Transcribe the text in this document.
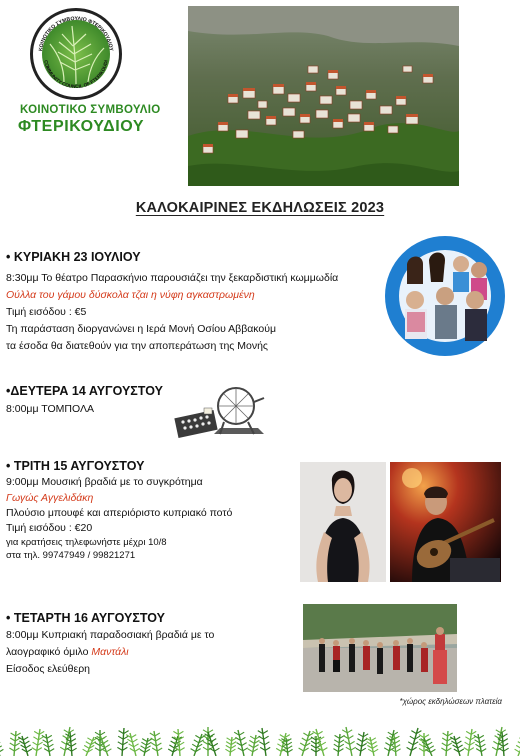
ΚΟΙΝΟΤΙΚΟ ΣΥΜΒΟΥΛΙΟ ΦΤΕΡΙΚΟΥΔΙΟΥ
COMMUNITY COUNCIL OF FTERIKOUDI
ΚΟΙΝΟΤΙΚΟ ΣΥΜΒΟΥΛΙΟ
ΦΤΕΡΙΚΟΥΔΙΟΥ
ΚΑΛΟΚΑΙΡΙΝΕΣ ΕΚΔΗΛΩΣΕΙΣ 2023
• ΚΥΡΙΑΚΗ 23 ΙΟΥΛΙΟΥ
8:30μμ Το θέατρο Παρασκήνιο παρουσιάζει την ξεκαρδιστική κωμμωδία
Ούλλα του γάμου δύσκολα τζαι η νύφη αγκαστρωμένη
Τιμή εισόδου : €5
Τη παράσταση διοργανώνει η Ιερά Μονή Οσίου Αββακούμ
τα έσοδα θα διατεθούν για την αποπεράτωση της Μονής
•ΔΕΥΤΕΡΑ 14 ΑΥΓΟΥΣΤΟΥ
8:00μμ ΤΟΜΠΟΛΑ
• ΤΡΙΤΗ 15 ΑΥΓΟΥΣΤΟΥ
9:00μμ Μουσική βραδιά με το συγκρότημα
Γωγώς Αγγελιδάκη
Πλούσιο μπουφέ και απεριόριστο κυπριακό ποτό
Τιμή εισόδου : €20
για κρατήσεις τηλεφωνήστε μέχρι 10/8
στα τηλ. 99747949 / 99821271
• ΤΕΤΑΡΤΗ 16 ΑΥΓΟΥΣΤΟΥ
8:00μμ Κυπριακή παραδοσιακή βραδιά με το
λαογραφικό όμιλο Μαντάλι
Είσοδος ελεύθερη
*χώρος εκδηλώσεων πλατεία
